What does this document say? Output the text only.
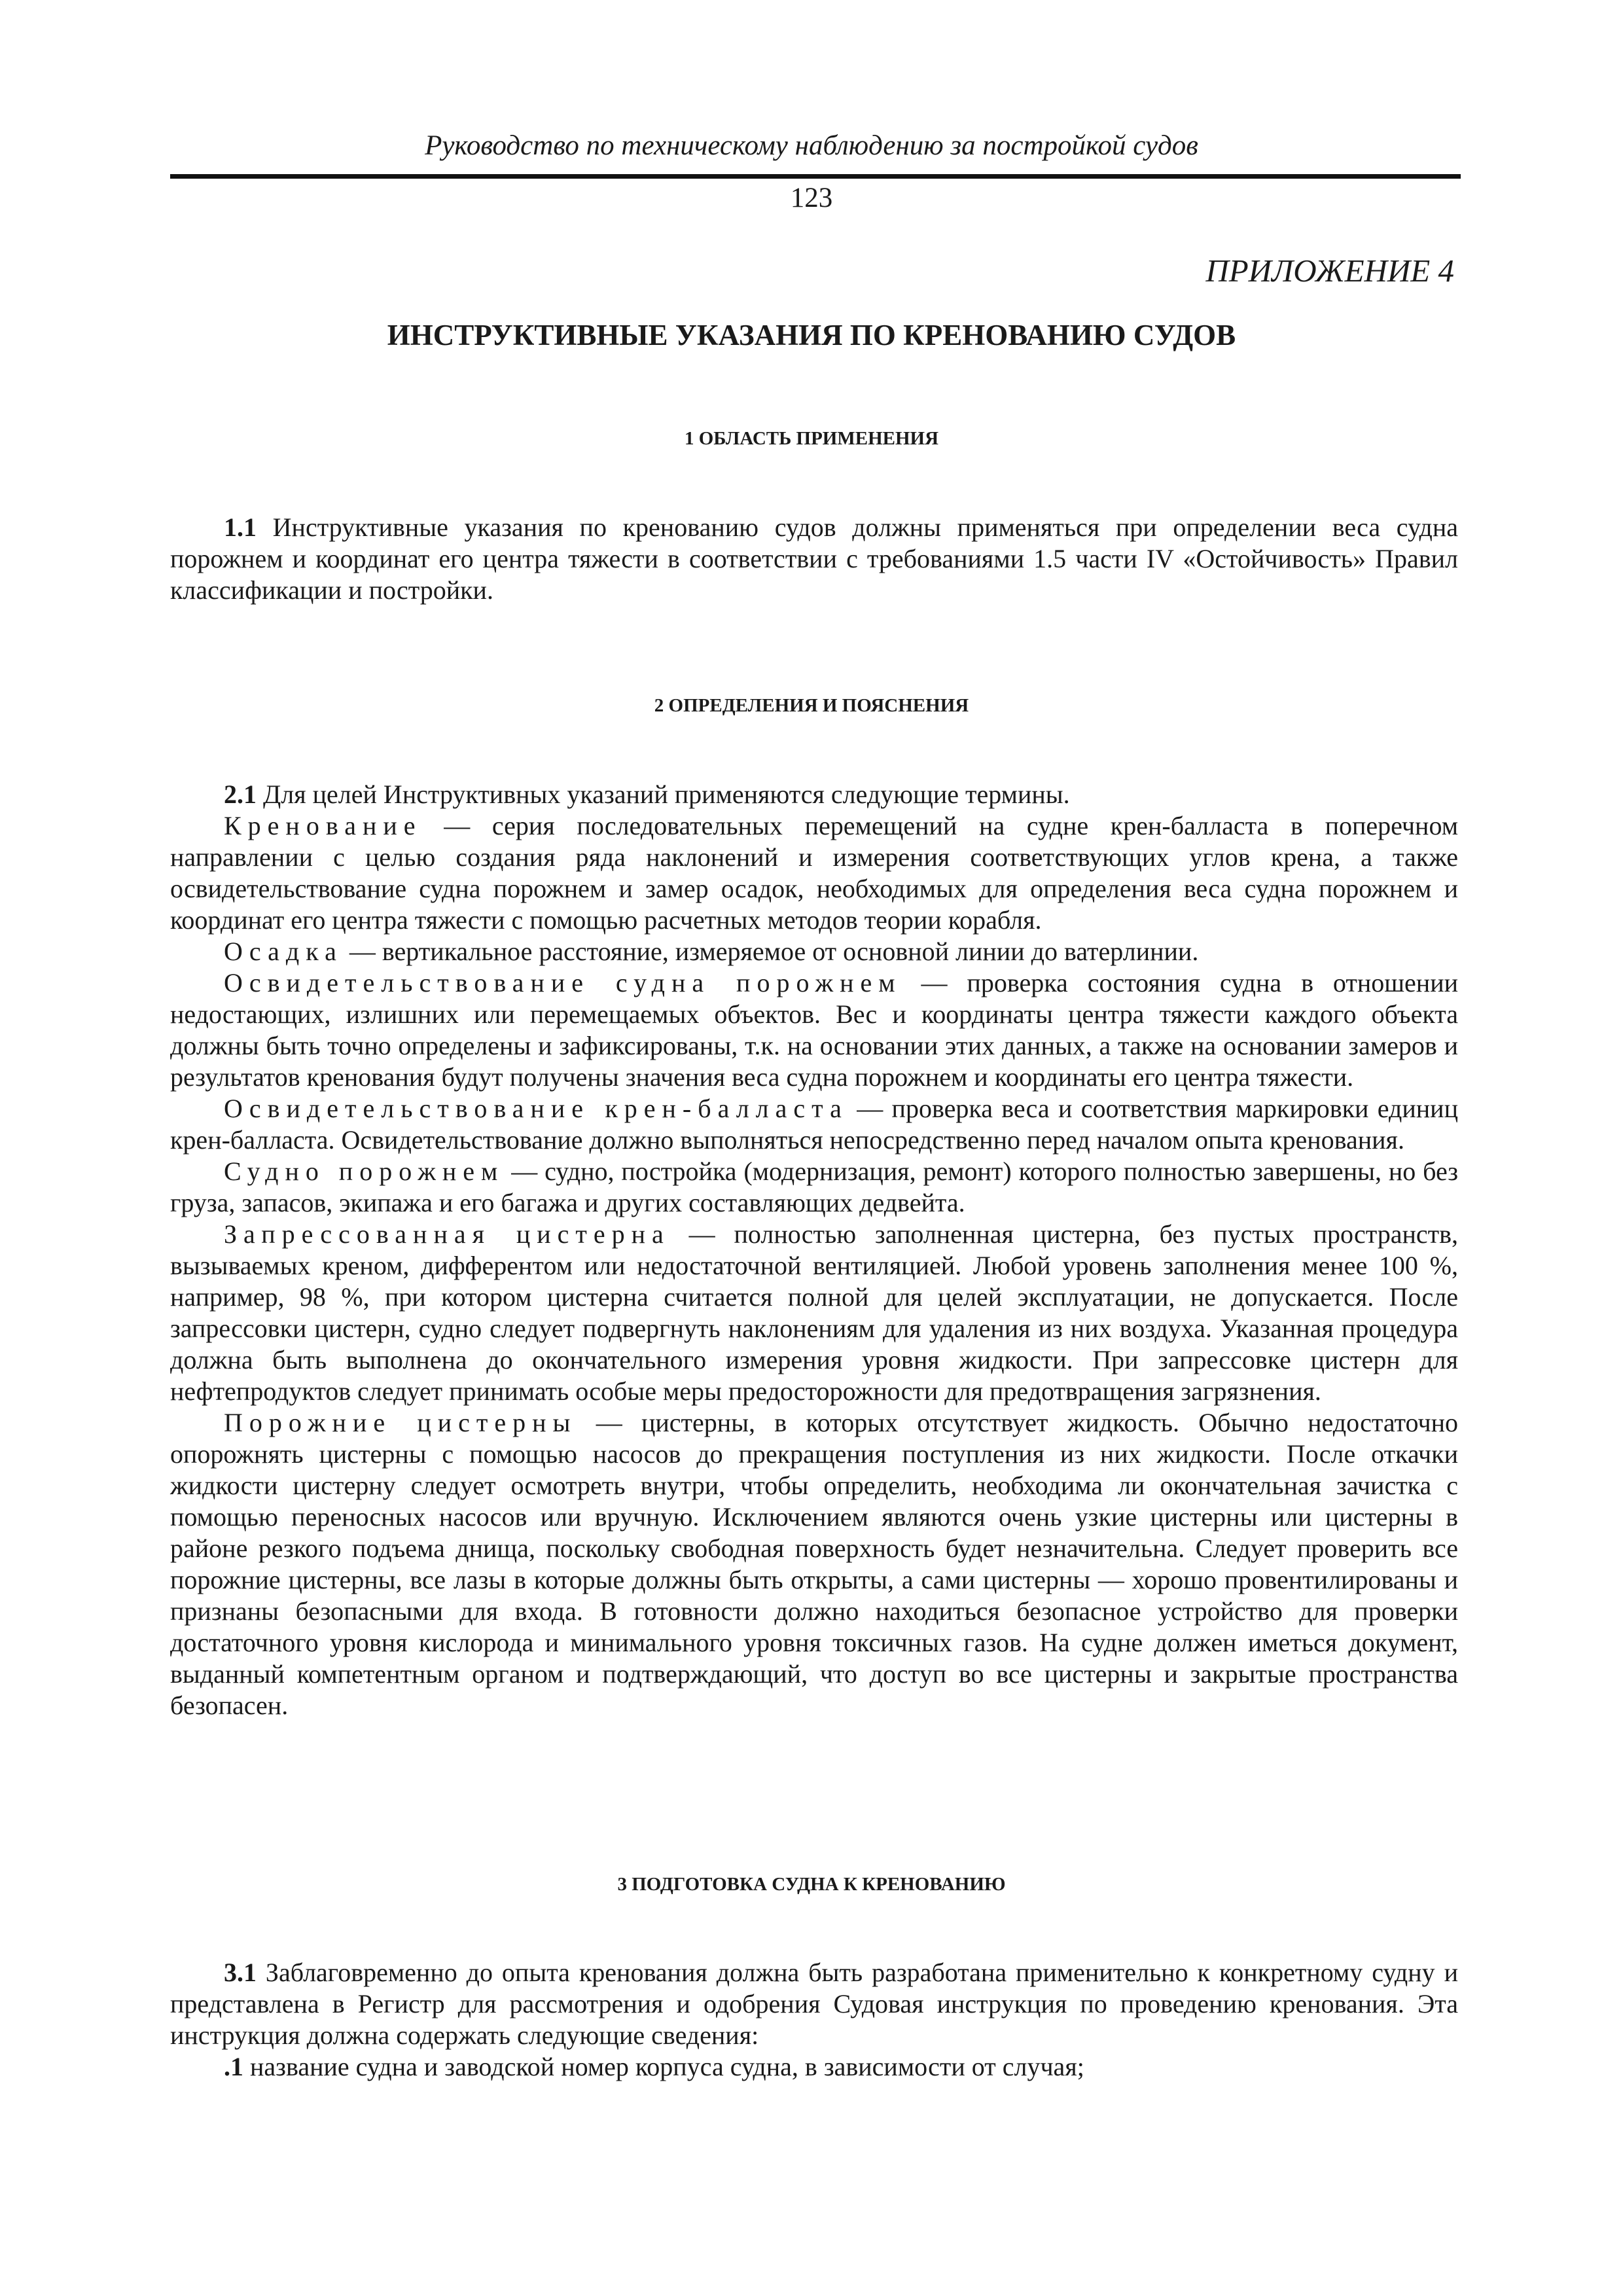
Руководство по техническому наблюдению за постройкой судов
123
ПРИЛОЖЕНИЕ 4
ИНСТРУКТИВНЫЕ УКАЗАНИЯ ПО КРЕНОВАНИЮ СУДОВ
1 ОБЛАСТЬ ПРИМЕНЕНИЯ

1.1 Инструктивные указания по кренованию судов должны применяться при определении веса судна порожнем и координат его центра тяжести в соответствии с требованиями 1.5 части IV «Остойчивость» Правил классификации и постройки.

2 ОПРЕДЕЛЕНИЯ И ПОЯСНЕНИЯ

2.1 Для целей Инструктивных указаний применяются следующие термины.

Кренование — серия последовательных перемещений на судне крен-балласта в поперечном направлении с целью создания ряда наклонений и измерения соответствующих углов крена, а также освидетельствование судна порожнем и замер осадок, необходимых для определения веса судна порожнем и координат его центра тяжести с помощью расчетных методов теории корабля.

Осадка — вертикальное расстояние, измеряемое от основной линии до ватерлинии.

Освидетельствование судна порожнем — проверка состояния судна в отношении недостающих, излишних или перемещаемых объектов. Вес и координаты центра тяжести каждого объекта должны быть точно определены и зафиксированы, т.к. на основании этих данных, а также на основании замеров и результатов кренования будут получены значения веса судна порожнем и координаты его центра тяжести.

Освидетельствование крен-балласта — проверка веса и соответствия маркировки единиц крен-балласта. Освидетельствование должно выполняться непосредственно перед началом опыта кренования.

Судно порожнем — судно, постройка (модернизация, ремонт) которого полностью завершены, но без груза, запасов, экипажа и его багажа и других составляющих дедвейта.

Запрессованная цистерна — полностью заполненная цистерна, без пустых пространств, вызываемых креном, дифферентом или недостаточной вентиляцией. Любой уровень заполнения менее 100 %, например, 98 %, при котором цистерна считается полной для целей эксплуатации, не допускается. После запрессовки цистерн, судно следует подвергнуть наклонениям для удаления из них воздуха. Указанная процедура должна быть выполнена до окончательного измерения уровня жидкости. При запрессовке цистерн для нефтепродуктов следует принимать особые меры предосторожности для предотвращения загрязнения.

Порожние цистерны — цистерны, в которых отсутствует жидкость. Обычно недостаточно опорожнять цистерны с помощью насосов до прекращения поступления из них жидкости. После откачки жидкости цистерну следует осмотреть внутри, чтобы определить, необходима ли окончательная зачистка с помощью переносных насосов или вручную. Исключением являются очень узкие цистерны или цистерны в районе резкого подъема днища, поскольку свободная поверхность будет незначительна. Следует проверить все порожние цистерны, все лазы в которые должны быть открыты, а сами цистерны — хорошо провентилированы и признаны безопасными для входа. В готовности должно находиться безопасное устройство для проверки достаточного уровня кислорода и минимального уровня токсичных газов. На судне должен иметься документ, выданный компетентным органом и подтверждающий, что доступ во все цистерны и закрытые пространства безопасен.

3 ПОДГОТОВКА СУДНА К КРЕНОВАНИЮ

3.1 Заблаговременно до опыта кренования должна быть разработана применительно к конкретному судну и представлена в Регистр для рассмотрения и одобрения Судовая инструкция по проведению кренования. Эта инструкция должна содержать следующие сведения:

.1 название судна и заводской номер корпуса судна, в зависимости от случая;
